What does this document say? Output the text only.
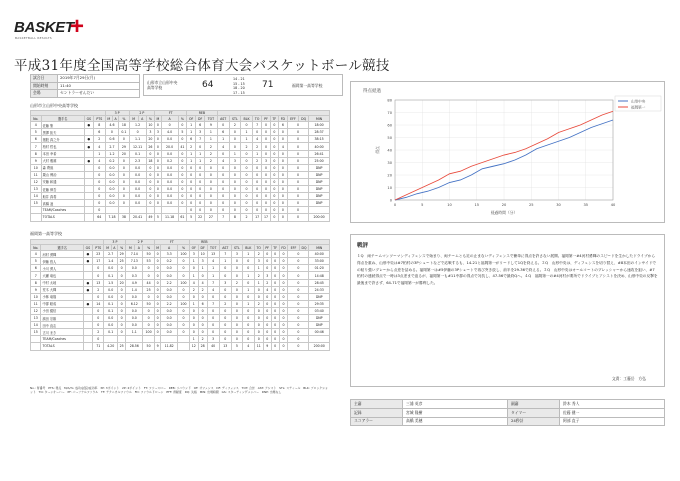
BASKET
+
BASKETBALL RESULTS
平成31年度全国高等学校総合体育大会バスケットボール競技
試合日	2019年7月29日(月)
開始時刻	11:40
会場	セントラーせんだい
山形市立山形中央高等学校	64
14 - 21
15 - 15
18 - 20
17 - 15
71	福岡第一高等学校
山形市立山形中央高等学校
				3 P			2 P			FT			REB												
No.	選手名	GS	PTS	M	A	%	M	A	%	M	A	%	OF	DF	TOT	AST	STL	BLK	TO	PF	TF	FD	EFF	DQ	MIN
4	佐藤 聖	●	8	4.6		18	1.2		10	0	0	0	1	6	9	0	2	0	7	0	0	6	0		18:00
5	黒澤 拓夫		6	0		0.1	0		3	3	4.0	5	1	3	1	6	0	1	0	0	0	0	0		28:37
6	猪股 真之介	●	2	0.6		0	1.1		20	0	0.0	0	6	7	1	1	0	1	4	0	0	0	0		38:15
7	柏村 哲也	●	4	2.7		29	12.11		26	0	20.0	41	2	0	2	4	0	2	2	0	0	4	0		40:00
8	本田 幸希		1	1.2		20	0.1		0	0	0.0	0	1	1	2	0	1	0	1	0	0	0	0		26:41
9	大村 雅雄	●	4	0.2		0	2.3		18	0	0.2	0	1	1	2	4	3	0	2	3	0	0	0		25:00
10	森 朔風		0	0.0		0	0.0		0	0	0.0	0	0	0	0	0	0	0	0	0	0	0	0		DNP
11	栗山 博治		0	0.0		0	0.0		0	0	0.0	0	0	0	0	0	0	0	0	0	0	0	0		DNP
12	安藤 和通		0	0.0		0	0.0		0	0	0.0	0	0	0	0	0	0	0	0	0	0	0	0		DNP
13	佐藤 伸吾		0	0.0		0	0.0		0	0	0.0	0	0	0	0	0	0	0	0	0	0	0	0		DNP
14	船井 真将		0	0.0		0	0.0		0	0	0.0	0	0	0	0	0	0	0	0	0	0	0	0		DNP
15	高橋 凌		0	0.0		0	0.0		0	0	0.0	0	0	0	0	0	0	0	0	0	0	0	0		DNP
	TEAM/Coaches		0										0	0	0	0	0	0	0	0	0	0	0		
	TOTALS		64	7.18		38	20.41		49	5	11.18	61	5	22	27	7	8	2	17	17	0	0	0		200:00
福岡第一高等学校
				3 P			2 P			FT			REB												
No.	選手名	GS	PTS	M	A	%	M	A	%	M	A	%	OF	DF	TOT	AST	STL	BLK	TO	PF	TF	FD	EFF	DQ	MIN
4	河村 勇輝	●	23	2.7		29	7.14		50	0	3.3	100	3	10	13	7	3	1	2	0	0	0	0		40:00
5	伊藤 悠人	●	17	1.4		25	7.13		53	0	0.2	0	1	3	4	1	0	0	3	0	0	0	0		33:00
6	小川 勇人		0	0.0		0	0.0		0	0	0.0	0	0	1	1	0	0	0	1	0	0	0	0		01:20
7	大瀬 竜也		0	0.1		0	0.3		0	0	0.0	0	1	0	1	0	0	1	2	3	0	0	0		14:48
8	中村 太地	●	13	1.5		20	4.9		44	0	2.2	100	4	4	7	3	2	0	1	2	0	0	0		28:45
9	荒木 大輝	●	2	0.0		0	1.4		25	0	0.0	0	2	2	4	0	0	1	0	4	0	0	0		24:33
10	小林 竜翔		0	0.0		0	0.0		0	0	0.0	0	0	0	0	0	0	0	0	0	0	0	0		DNP
11	中郡 聡成	●	14	0.1		0	6.12		50	0	2.2	100	1	6	7	2	0	1	2	0	0	0	0		29:35
12	小田 健信		0	0.1		0	0.0		0	0	0.0	0	0	0	0	0	0	0	0	0	0	0	0		03:40
13	濱田 宗雄		0	0.0		0	0.0		0	0	0.0	0	0	0	0	0	0	0	0	0	0	0	0		DNP
14	田中 直志		0	0.0		0	0.0		0	0	0.0	0	0	0	0	0	0	0	0	0	0	0	0		DNP
15	古川 まき		2	0.1		0	1.1		100	0	0.0	0	0	0	0	0	0	0	0	0	0	0	0		00:46
	TEAM/Coaches		0										1	2	3	0	0	0	0	0	0	0	0		
	TOTALS		71	4.20		25	28.56		50	9	11.82		12	28	40	13	5	4	11	9	0	0	0		200:00
No.: 背番号　PTS: 得点　M/A/%: 成功/試投/成功率　3P: 3ポイント　2P: 2ポイント　FT: フリースロー　REB: リバウンド　OF: オフェンス　DF: ディフェンス　TOT: 合計　AST: アシスト　STL: スティール　BLK: ブロックショット　TO: ターンオーバー　PF: パーソナルファウル　TF: テクニカルファウル　FD: ファウルドローン　EFF: 貢献度　DQ: 失格　MIN: 出場時間　GS: スターティングメンバー　DNP: 出場なし
得点経過
0
10
20
30
40
50
60
70
80
0	5	10	15	20	25	30	35	40
経過時間（分）
得点
山形中央
福岡第一
戦評
１Q　両チームマンツーマンディフェンスで始まり、両チームとも足の止まないディフェンスで簡単に得点を許さない展開。福岡第一#4河村勇輝のスピードを生かしたドライブから得点を重ね、山形中央は#7柏村の3Pシュートなどで応戦するも、14-21と福岡第一がリードして1Qを終える。２Q　山形中央は、ディフェンスを切り替え、#8本田のインサイドでの粘り強いプレーから点差を詰める。福岡第一は#5伊藤の3Pシュートで再び突き放し、前半を29-36で終える。３Q　山形中央はオールコートのプレッシャーから速攻を狙い、#7柏村の連続得点で一時は3点差まで迫るが、福岡第一も#11中郡の得点で対抗し、47-56で最終Qへ。４Q　福岡第一の#4河村が要所でドライブとアシストを決め、山形中央の反撃を最後まで許さず、64-71で福岡第一が勝利した。
文責：工藤岳　方弘
主審	三浦 英彦	副審	鈴木 秀人
記録	宮城 隆樹	タイマー	佐藤 健一
スコアラー	高橋 美穂	24秒計	阿部 直子
